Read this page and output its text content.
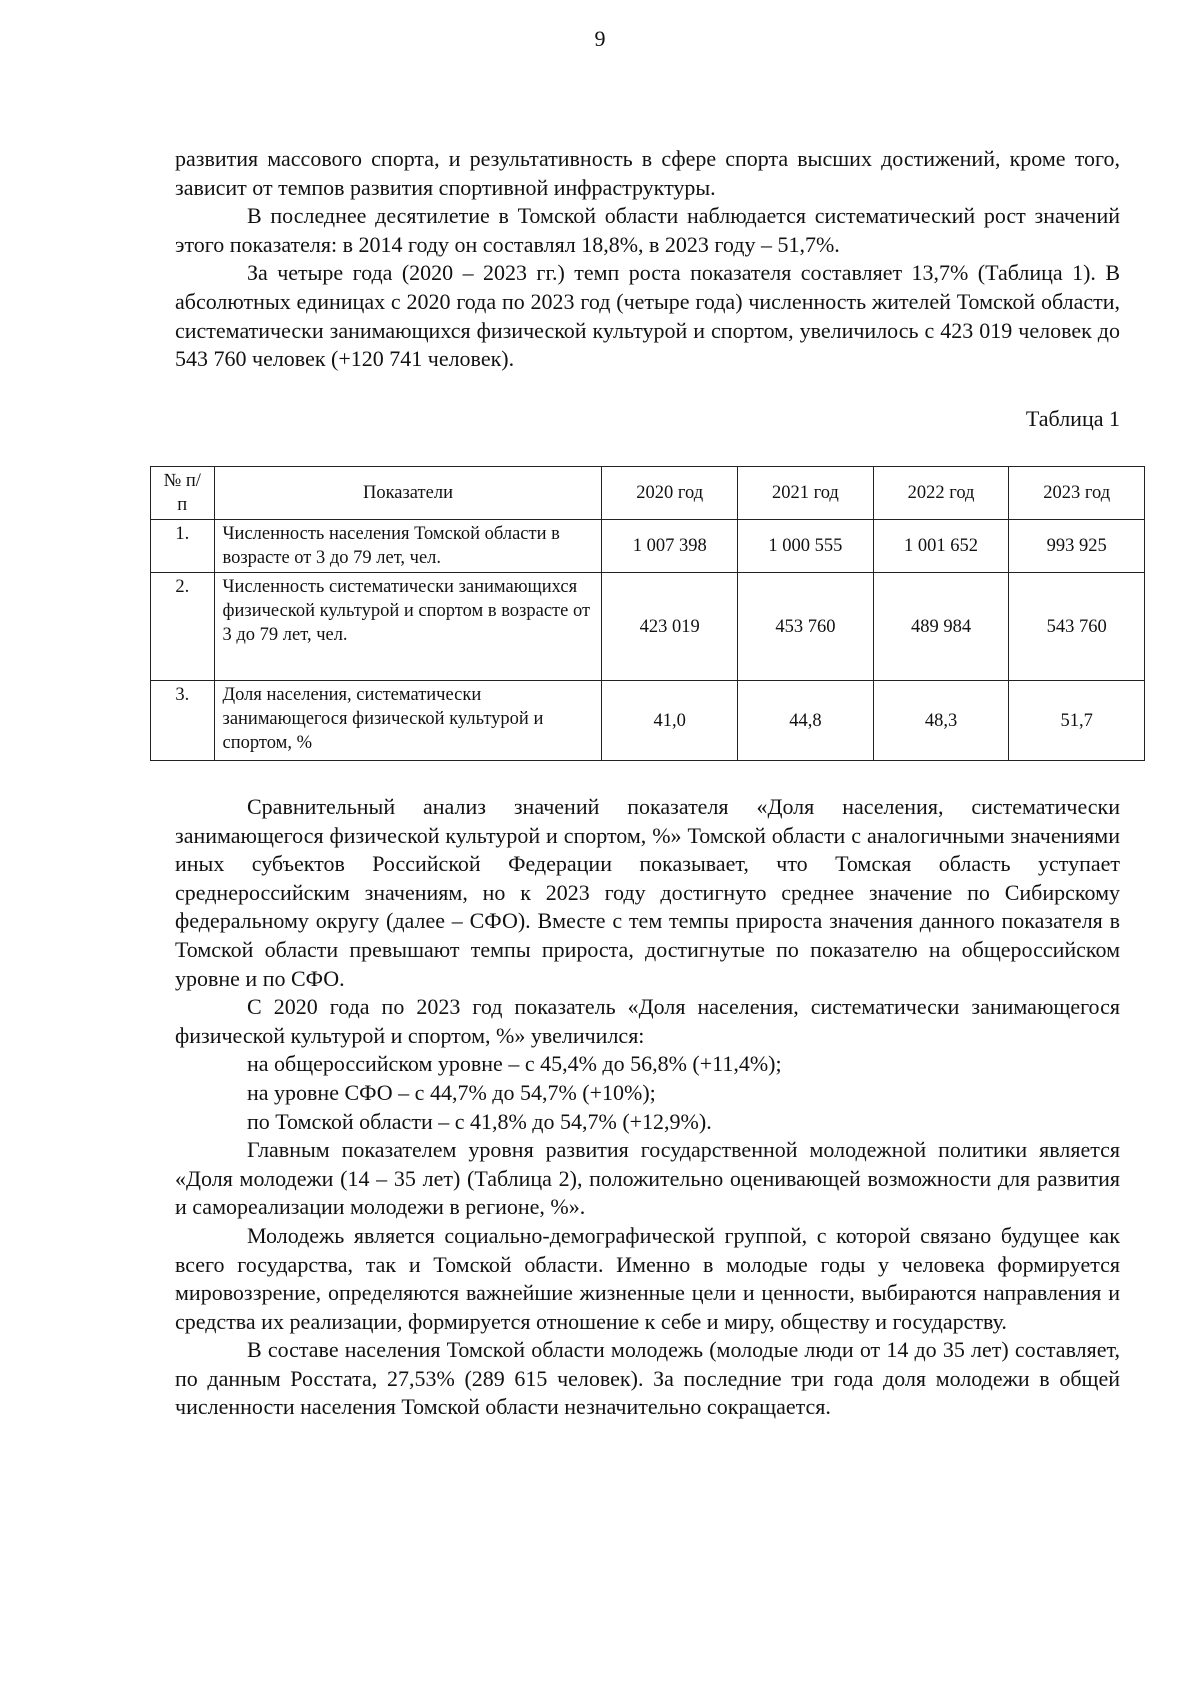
9

развития массового спорта, и результативность в сфере спорта высших достижений, кроме того, зависит от темпов развития спортивной инфраструктуры.

В последнее десятилетие в Томской области наблюдается систематический рост значений этого показателя: в 2014 году он составлял 18,8%, в 2023 году – 51,7%.

За четыре года (2020 – 2023 гг.) темп роста показателя составляет 13,7% (Таблица 1). В абсолютных единицах с 2020 года по 2023 год (четыре года) численность жителей Томской области, систематически занимающихся физической культурой и спортом, увеличилось с 423 019 человек до 543 760 человек (+120 741 человек).

Таблица 1
№ п/п	Показатели	2020 год	2021 год	2022 год	2023 год
1.	Численность населения Томской области в возрасте от 3 до 79 лет, чел.	1 007 398	1 000 555	1 001 652	993 925
2.	Численность систематически занимающихся физической культурой и спортом в возрасте от 3 до 79 лет, чел.	423 019	453 760	489 984	543 760
3.	Доля населения, систематически занимающегося физической культурой и спортом, %	41,0	44,8	48,3	51,7

Сравнительный анализ значений показателя «Доля населения, систематически занимающегося физической культурой и спортом, %» Томской области с аналогичными значениями иных субъектов Российской Федерации показывает, что Томская область уступает среднероссийским значениям, но к 2023 году достигнуто среднее значение по Сибирскому федеральному округу (далее – СФО). Вместе с тем темпы прироста значения данного показателя в Томской области превышают темпы прироста, достигнутые по показателю на общероссийском уровне и по СФО.

С 2020 года по 2023 год показатель «Доля населения, систематически занимающегося физической культурой и спортом, %» увеличился:

на общероссийском уровне – с 45,4% до 56,8% (+11,4%);

на уровне СФО – с 44,7% до 54,7% (+10%);

по Томской области – с 41,8% до 54,7% (+12,9%).

Главным показателем уровня развития государственной молодежной политики является «Доля молодежи (14 – 35 лет) (Таблица 2), положительно оценивающей возможности для развития и самореализации молодежи в регионе, %».

Молодежь является социально-демографической группой, с которой связано будущее как всего государства, так и Томской области. Именно в молодые годы у человека формируется мировоззрение, определяются важнейшие жизненные цели и ценности, выбираются направления и средства их реализации, формируется отношение к себе и миру, обществу и государству.

В составе населения Томской области молодежь (молодые люди от 14 до 35 лет) составляет, по данным Росстата, 27,53% (289 615 человек). За последние три года доля молодежи в общей численности населения Томской области незначительно сокращается.
